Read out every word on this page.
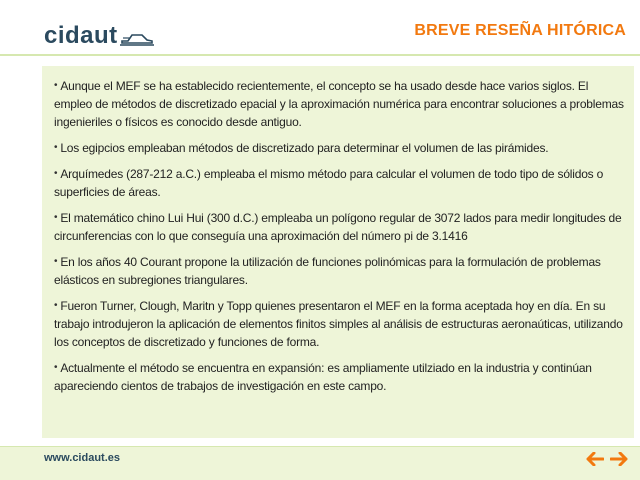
cidaut	BREVE RESEÑA HITÓRICA

• Aunque el MEF se ha establecido recientemente, el concepto se ha usado desde hace varios siglos. El empleo de métodos de discretizado epacial y la aproximación numérica para encontrar soluciones a problemas ingenieriles o físicos es conocido desde antiguo.

• Los egipcios empleaban métodos de discretizado para determinar el volumen de las pirámides.

• Arquímedes (287-212 a.C.) empleaba el mismo método para calcular el volumen de todo tipo de sólidos o superficies de áreas.

• El matemático chino Lui Hui (300 d.C.) empleaba un polígono regular de 3072 lados para medir longitudes de circunferencias con lo que conseguía una aproximación del número pi de 3.1416

• En los años 40 Courant propone la utilización de funciones polinómicas para la formulación de problemas elásticos en subregiones triangulares.

• Fueron Turner, Clough, Maritn y Topp quienes presentaron el MEF en la forma aceptada hoy en día. En su trabajo introdujeron la aplicación de elementos finitos simples al análisis de estructuras aeronaúticas, utilizando los conceptos de discretizado y funciones de forma.

• Actualmente el método se encuentra en expansión: es ampliamente utilziado en la industria y continúan apareciendo cientos de trabajos de investigación en este campo.

www.cidaut.es
